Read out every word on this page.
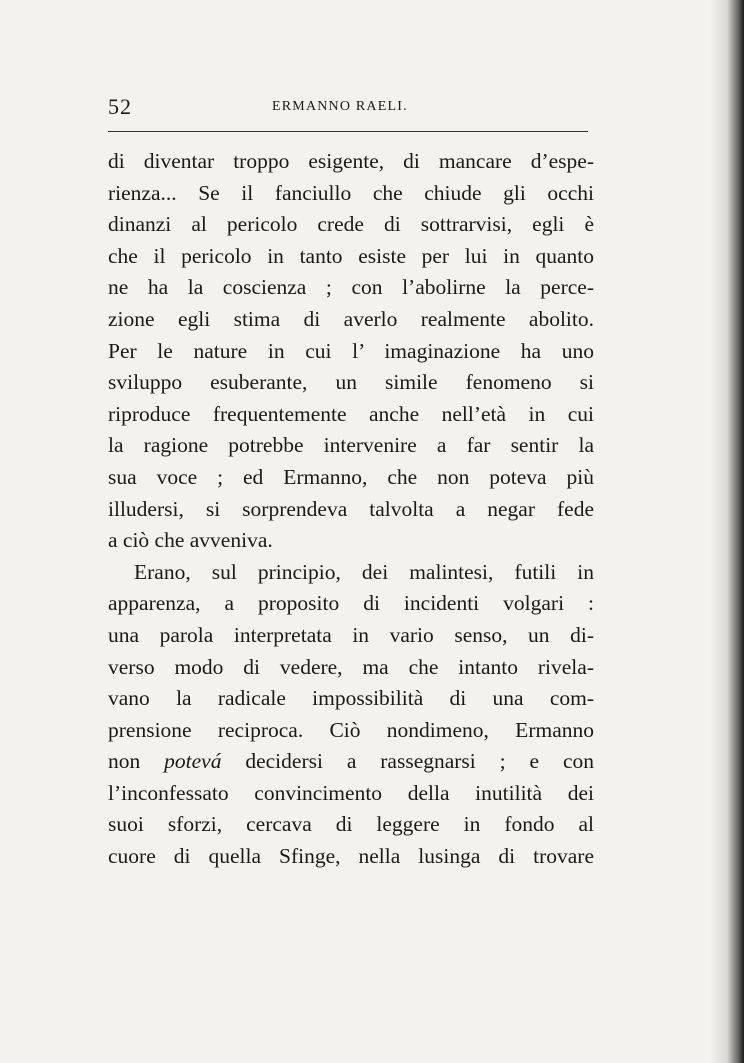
52	ERMANNO RAELI.
di diventar troppo esigente, di mancare d’espe-
rienza... Se il fanciullo che chiude gli occhi
dinanzi al pericolo crede di sottrarvisi, egli è
che il pericolo in tanto esiste per lui in quanto
ne ha la coscienza ; con l’abolirne la perce-
zione egli stima di averlo realmente abolito.
Per le nature in cui l’ imaginazione ha uno
sviluppo esuberante, un simile fenomeno si
riproduce frequentemente anche nell’età in cui
la ragione potrebbe intervenire a far sentir la
sua voce ; ed Ermanno, che non poteva più
illudersi, si sorprendeva talvolta a negar fede
a ciò che avveniva.
Erano, sul principio, dei malintesi, futili in
apparenza, a proposito di incidenti volgari :
una parola interpretata in vario senso, un di-
verso modo di vedere, ma che intanto rivela-
vano la radicale impossibilità di una com-
prensione reciproca. Ciò nondimeno, Ermanno
non potevá decidersi a rassegnarsi ; e con
l’inconfessato convincimento della inutilità dei
suoi sforzi, cercava di leggere in fondo al
cuore di quella Sfinge, nella lusinga di trovare
